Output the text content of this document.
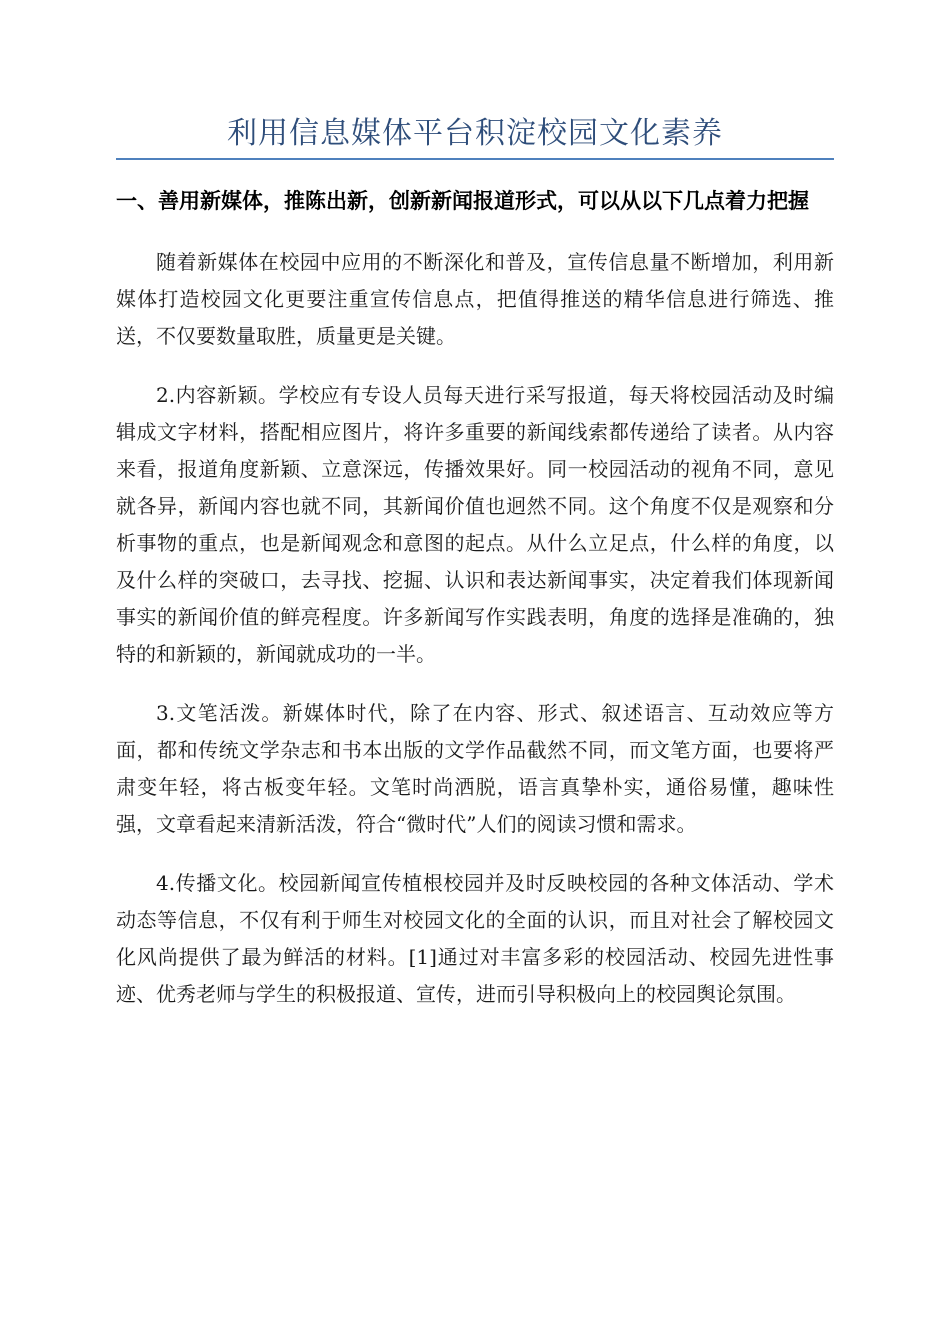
利用信息媒体平台积淀校园文化素养
一、善用新媒体，推陈出新，创新新闻报道形式，可以从以下几点着力把握

随着新媒体在校园中应用的不断深化和普及，宣传信息量不断增加，利用新媒体打造校园文化更要注重宣传信息点，把值得推送的精华信息进行筛选、推送，不仅要数量取胜，质量更是关键。

2.内容新颖。学校应有专设人员每天进行采写报道，每天将校园活动及时编辑成文字材料，搭配相应图片，将许多重要的新闻线索都传递给了读者。从内容来看，报道角度新颖、立意深远，传播效果好。同一校园活动的视角不同，意见就各异，新闻内容也就不同，其新闻价值也迥然不同。这个角度不仅是观察和分析事物的重点，也是新闻观念和意图的起点。从什么立足点，什么样的角度，以及什么样的突破口，去寻找、挖掘、认识和表达新闻事实，决定着我们体现新闻事实的新闻价值的鲜亮程度。许多新闻写作实践表明，角度的选择是准确的，独特的和新颖的，新闻就成功的一半。

3.文笔活泼。新媒体时代，除了在内容、形式、叙述语言、互动效应等方面，都和传统文学杂志和书本出版的文学作品截然不同，而文笔方面，也要将严肃变年轻，将古板变年轻。文笔时尚洒脱，语言真挚朴实，通俗易懂，趣味性强，文章看起来清新活泼，符合“微时代”人们的阅读习惯和需求。

4.传播文化。校园新闻宣传植根校园并及时反映校园的各种文体活动、学术动态等信息，不仅有利于师生对校园文化的全面的认识，而且对社会了解校园文化风尚提供了最为鲜活的材料。[1]通过对丰富多彩的校园活动、校园先进性事迹、优秀老师与学生的积极报道、宣传，进而引导积极向上的校园舆论氛围。
